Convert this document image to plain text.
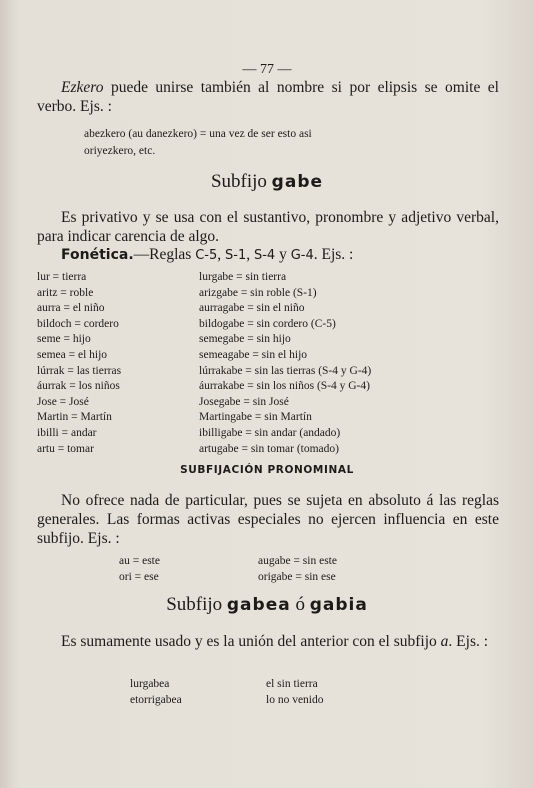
— 77 —
Ezkero puede unirse también al nombre si por elipsis se omite el verbo. Ejs. :
abezkero (au danezkero) = una vez de ser esto asi
oriyezkero, etc.
Subfijo gabe
Es privativo y se usa con el sustantivo, pronombre y adjetivo verbal, para indicar carencia de algo.
Fonética.—Reglas C-5, S-1, S-4 y G-4. Ejs. :
lur = tierra
aritz = roble
aurra = el niño
bildoch = cordero
seme = hijo
semea = el hijo
lúrrak = las tierras
áurrak = los niños
Jose = José
Martin = Martín
ibilli = andar
artu = tomar
lurgabe = sin tierra
arizgabe = sin roble (S-1)
aurragabe = sin el niño
bildogabe = sin cordero (C-5)
semegabe = sin hijo
semeagabe = sin el hijo
lúrrakabe = sin las tierras (S-4 y G-4)
áurrakabe = sin los niños (S-4 y G-4)
Josegabe = sin José
Martingabe = sin Martín
ibilligabe = sin andar (andado)
artugabe = sin tomar (tomado)
SUBFIJACIÓN PRONOMINAL
No ofrece nada de particular, pues se sujeta en absoluto á las reglas generales. Las formas activas especiales no ejercen influencia en este subfijo. Ejs. :
au = este
ori = ese
augabe = sin este
origabe = sin ese
Subfijo gabea ó gabia
Es sumamente usado y es la unión del anterior con el subfijo a. Ejs. :
lurgabea
etorrigabea
el sin tierra
lo no venido
